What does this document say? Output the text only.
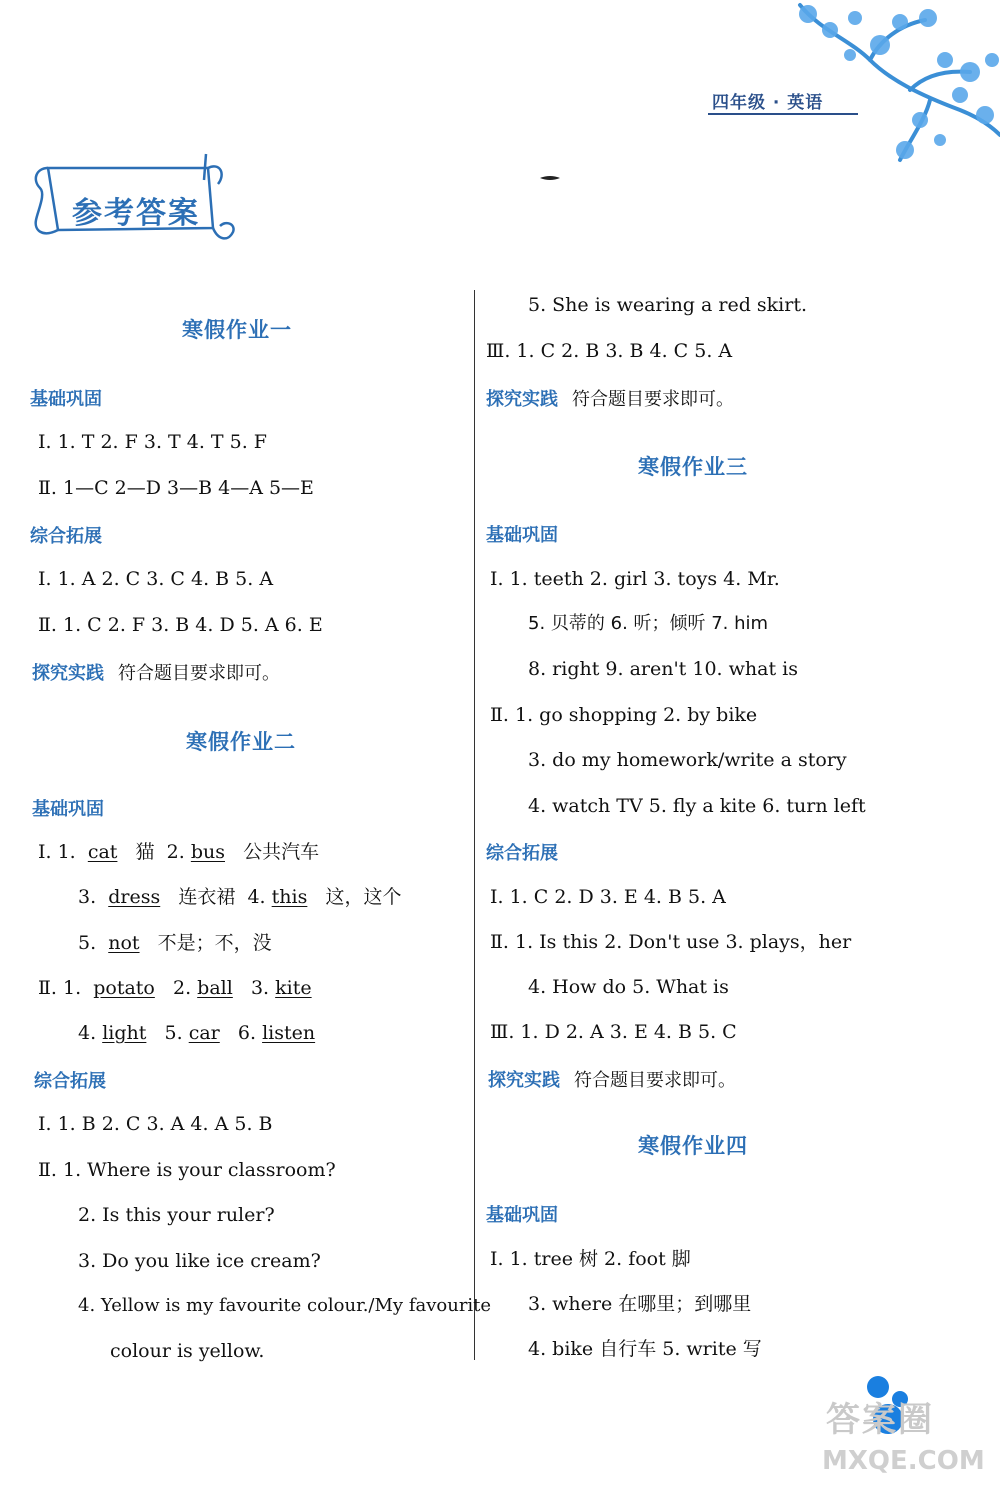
四年级 · 英语
参考答案
寒假作业一
基础巩固
Ⅰ. 1. T 2. F 3. T 4. T 5. F
Ⅱ. 1—C 2—D 3—B 4—A 5—E
综合拓展
Ⅰ. 1. A 2. C 3. C 4. B 5. A
Ⅱ. 1. C 2. F 3. B 4. D 5. A 6. E
探究实践 符合题目要求即可。
寒假作业二
基础巩固
Ⅰ. 1. cat 猫 2. bus 公共汽车
3. dress 连衣裙 4. this 这，这个
5. not 不是；不，没
Ⅱ. 1. potato 2. ball 3. kite
4. light 5. car 6. listen
综合拓展
Ⅰ. 1. B 2. C 3. A 4. A 5. B
Ⅱ. 1. Where is your classroom?
2. Is this your ruler?
3. Do you like ice cream?
4. Yellow is my favourite colour./My favourite
colour is yellow.
5. She is wearing a red skirt.
Ⅲ. 1. C 2. B 3. B 4. C 5. A
探究实践 符合题目要求即可。
寒假作业三
基础巩固
Ⅰ. 1. teeth 2. girl 3. toys 4. Mr.
5. 贝蒂的 6. 听；倾听 7. him
8. right 9. aren't 10. what is
Ⅱ. 1. go shopping 2. by bike
3. do my homework/write a story
4. watch TV 5. fly a kite 6. turn left
综合拓展
Ⅰ. 1. C 2. D 3. E 4. B 5. A
Ⅱ. 1. Is this 2. Don't use 3. plays，her
4. How do 5. What is
Ⅲ. 1. D 2. A 3. E 4. B 5. C
探究实践 符合题目要求即可。
寒假作业四
基础巩固
Ⅰ. 1. tree 树 2. foot 脚
3. where 在哪里；到哪里
4. bike 自行车 5. write 写
答案圈
MXQE.COM
